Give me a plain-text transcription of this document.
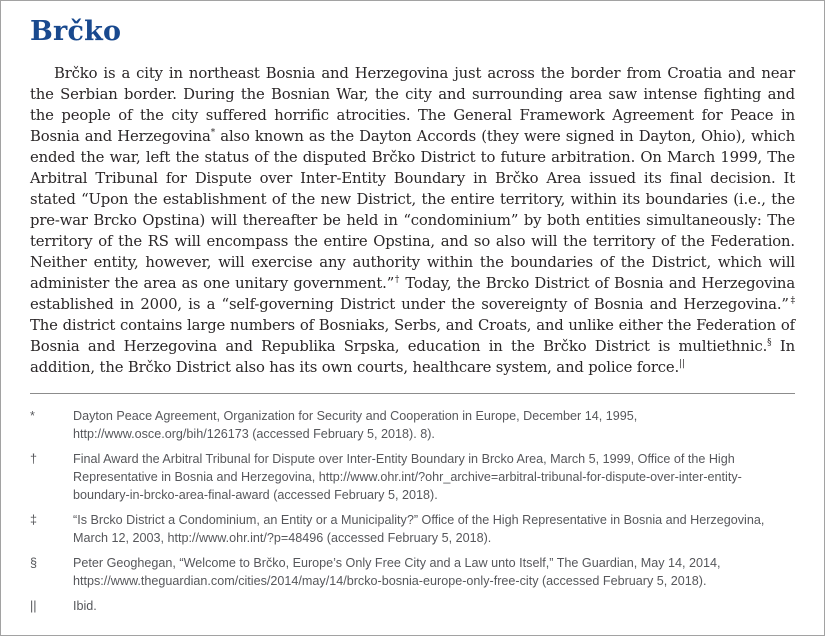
Brčko

Brčko is a city in northeast Bosnia and Herzegovina just across the border from Croatia and near the Serbian border. During the Bosnian War, the city and surrounding area saw intense fighting and the people of the city suffered horrific atrocities. The General Framework Agreement for Peace in Bosnia and Herzegovina* also known as the Dayton Accords (they were signed in Dayton, Ohio), which ended the war, left the status of the disputed Brčko District to future arbitration. On March 1999, The Arbitral Tribunal for Dispute over Inter-Entity Boundary in Brčko Area issued its final decision. It stated “Upon the establishment of the new District, the entire territory, within its boundaries (i.e., the pre-war Brcko Opstina) will thereafter be held in “condominium” by both entities simultaneously: The territory of the RS will encompass the entire Opstina, and so also will the territory of the Federation. Neither entity, however, will exercise any authority within the boundaries of the District, which will administer the area as one unitary government.”† Today, the Brcko District of Bosnia and Herzegovina established in 2000, is a “self-governing District under the sovereignty of Bosnia and Herzegovina.”‡ The district contains large numbers of Bosniaks, Serbs, and Croats, and unlike either the Federation of Bosnia and Herzegovina and Republika Srpska, education in the Brčko District is multiethnic.§ In addition, the Brčko District also has its own courts, healthcare system, and police force.||

*	Dayton Peace Agreement, Organization for Security and Cooperation in Europe, December 14, 1995, http://www.osce.org/bih/126173 (accessed February 5, 2018). 8).
†	Final Award the Arbitral Tribunal for Dispute over Inter-Entity Boundary in Brcko Area, March 5, 1999, Office of the High Representative in Bosnia and Herzegovina, http://www.ohr.int/?ohr_archive=arbitral-tribunal-for-dispute-over-inter-entity-boundary-in-brcko-area-final-award (accessed February 5, 2018).
‡	“Is Brcko District a Condominium, an Entity or a Municipality?” Office of the High Representative in Bosnia and Herzegovina, March 12, 2003, http://www.ohr.int/?p=48496 (accessed February 5, 2018).
§	Peter Geoghegan, “Welcome to Brčko, Europe’s Only Free City and a Law unto Itself,” The Guardian, May 14, 2014, https://www.theguardian.com/cities/2014/may/14/brcko-bosnia-europe-only-free-city (accessed February 5, 2018).
||	Ibid.
